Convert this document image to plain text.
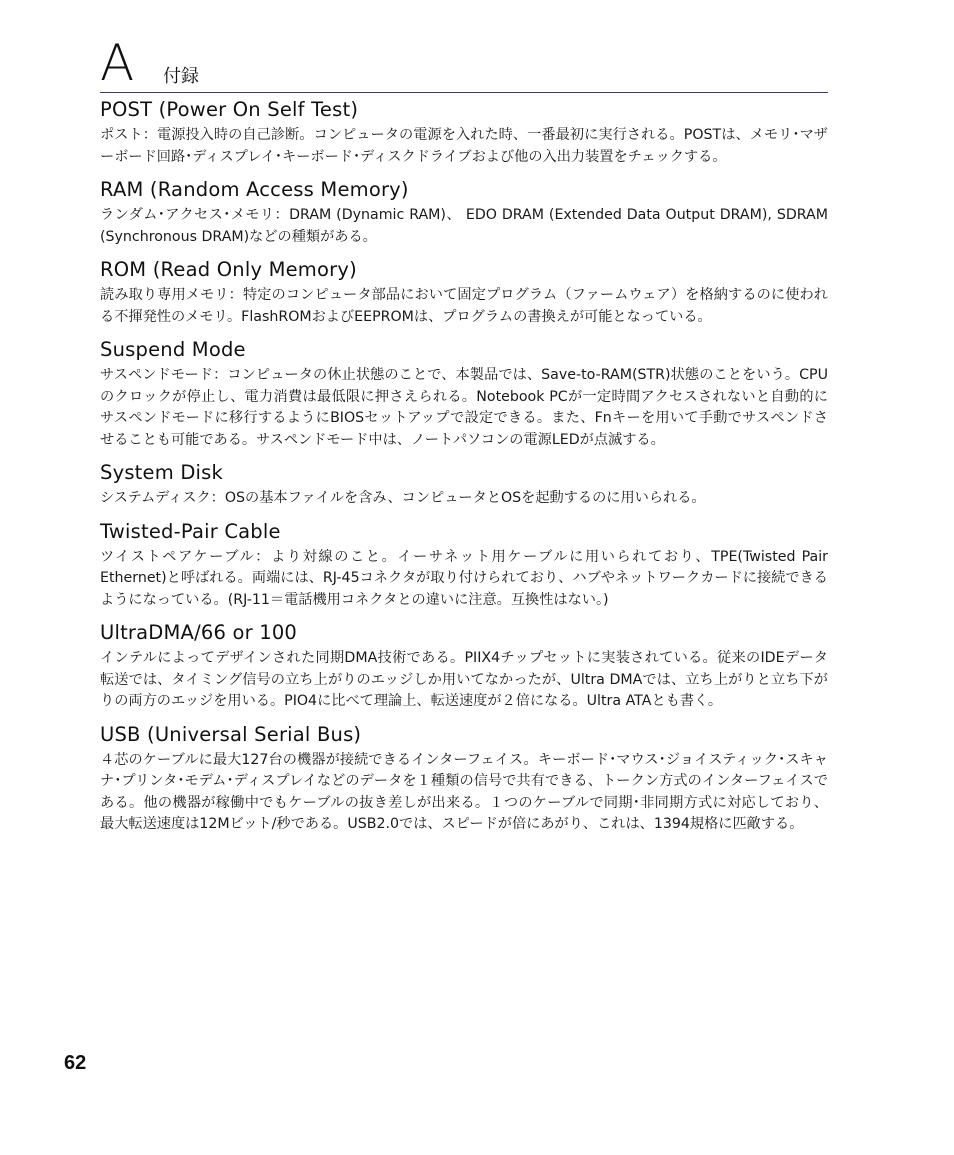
A 付録
POST (Power On Self Test)
ポスト：電源投入時の自己診断。コンピュータの電源を入れた時、一番最初に実行される。POSTは、メモリ･マザーボード回路･ディスプレイ･キーボード･ディスクドライブおよび他の入出力装置をチェックする。
RAM (Random Access Memory)
ランダム･アクセス･メモリ：DRAM (Dynamic RAM)、 EDO DRAM (Extended Data Output DRAM), SDRAM (Synchronous DRAM)などの種類がある。
ROM (Read Only Memory)
読み取り専用メモリ：特定のコンピュータ部品において固定プログラム（ファームウェア）を格納するのに使われる不揮発性のメモリ。FlashROMおよびEEPROMは、プログラムの書換えが可能となっている。
Suspend Mode
サスペンドモード：コンピュータの休止状態のことで、本製品では、Save-to-RAM(STR)状態のことをいう。CPUのクロックが停止し、電力消費は最低限に押さえられる。Notebook PCが一定時間アクセスされないと自動的にサスペンドモードに移行するようにBIOSセットアップで設定できる。また、Fnキーを用いて手動でサスペンドさせることも可能である。サスペンドモード中は、ノートパソコンの電源LEDが点滅する。
System Disk
システムディスク：OSの基本ファイルを含み、コンピュータとOSを起動するのに用いられる。
Twisted-Pair Cable
ツイストペアケーブル：より対線のこと。イーサネット用ケーブルに用いられており、TPE(Twisted Pair Ethernet)と呼ばれる。両端には、RJ-45コネクタが取り付けられており、ハブやネットワークカードに接続できるようになっている。(RJ-11＝電話機用コネクタとの違いに注意。互換性はない。)
UltraDMA/66 or 100
インテルによってデザインされた同期DMA技術である。PIIX4チップセットに実装されている。従来のIDEデータ転送では、タイミング信号の立ち上がりのエッジしか用いてなかったが、Ultra DMAでは、立ち上がりと立ち下がりの両方のエッジを用いる。PIO4に比べて理論上、転送速度が２倍になる。Ultra ATAとも書く。
USB (Universal Serial Bus)
４芯のケーブルに最大127台の機器が接続できるインターフェイス。キーボード･マウス･ジョイスティック･スキャナ･プリンタ･モデム･ディスプレイなどのデータを１種類の信号で共有できる、トークン方式のインターフェイスである。他の機器が稼働中でもケーブルの抜き差しが出来る。１つのケーブルで同期･非同期方式に対応しており、最大転送速度は12Mビット/秒である。USB2.0では、スピードが倍にあがり、これは、1394規格に匹敵する。
62
